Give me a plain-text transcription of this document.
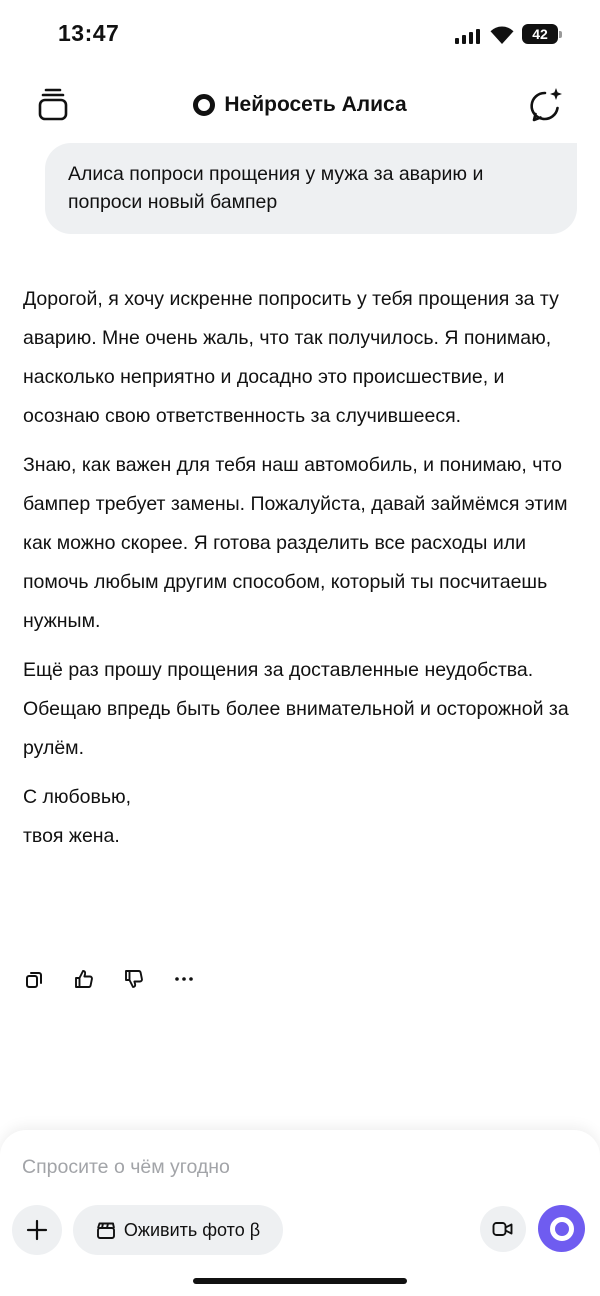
13:47	42
Нейросеть Алиса
Алиса попроси прощения у мужа за аварию и попроси новый бампер

Дорогой, я хочу искренне попросить у тебя прощения за ту аварию. Мне очень жаль, что так получилось. Я понимаю, насколько неприятно и досадно это происшествие, и осознаю свою ответственность за случившееся.

Знаю, как важен для тебя наш автомобиль, и понимаю, что бампер требует замены. Пожалуйста, давай займёмся этим как можно скорее. Я готова разделить все расходы или помочь любым другим способом, который ты посчитаешь нужным.

Ещё раз прошу прощения за доставленные неудобства. Обещаю впредь быть более внимательной и осторожной за рулём.

С любовью,
твоя жена.

Спросите о чём угодно
Оживить фото β
